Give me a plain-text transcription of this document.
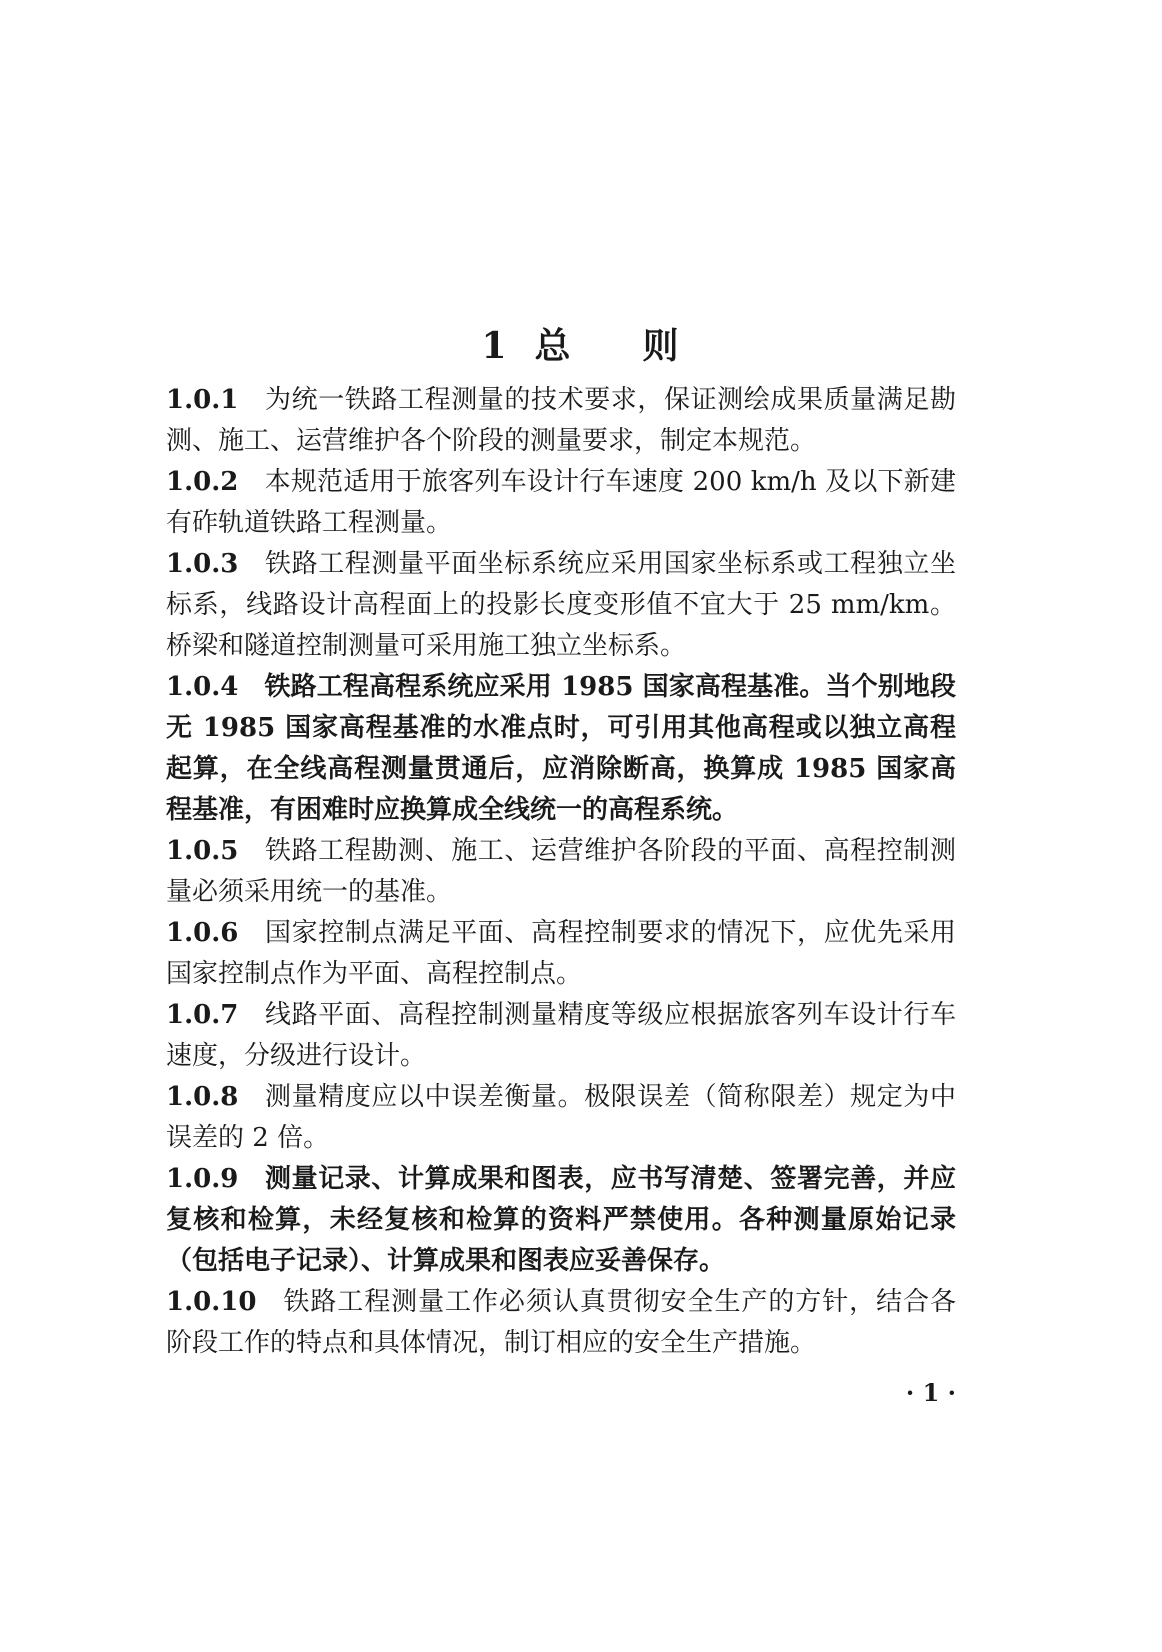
1 总 则

1.0.1 为统一铁路工程测量的技术要求，保证测绘成果质量满足勘测、施工、运营维护各个阶段的测量要求，制定本规范。

1.0.2 本规范适用于旅客列车设计行车速度 200 km/h 及以下新建有砟轨道铁路工程测量。

1.0.3 铁路工程测量平面坐标系统应采用国家坐标系或工程独立坐标系，线路设计高程面上的投影长度变形值不宜大于 25 mm/km。桥梁和隧道控制测量可采用施工独立坐标系。

1.0.4 铁路工程高程系统应采用 1985 国家高程基准。当个别地段无 1985 国家高程基准的水准点时，可引用其他高程或以独立高程起算，在全线高程测量贯通后，应消除断高，换算成 1985 国家高程基准，有困难时应换算成全线统一的高程系统。

1.0.5 铁路工程勘测、施工、运营维护各阶段的平面、高程控制测量必须采用统一的基准。

1.0.6 国家控制点满足平面、高程控制要求的情况下，应优先采用国家控制点作为平面、高程控制点。

1.0.7 线路平面、高程控制测量精度等级应根据旅客列车设计行车速度，分级进行设计。

1.0.8 测量精度应以中误差衡量。极限误差（简称限差）规定为中误差的 2 倍。

1.0.9 测量记录、计算成果和图表，应书写清楚、签署完善，并应复核和检算，未经复核和检算的资料严禁使用。各种测量原始记录（包括电子记录）、计算成果和图表应妥善保存。

1.0.10 铁路工程测量工作必须认真贯彻安全生产的方针，结合各阶段工作的特点和具体情况，制订相应的安全生产措施。

· 1 ·
